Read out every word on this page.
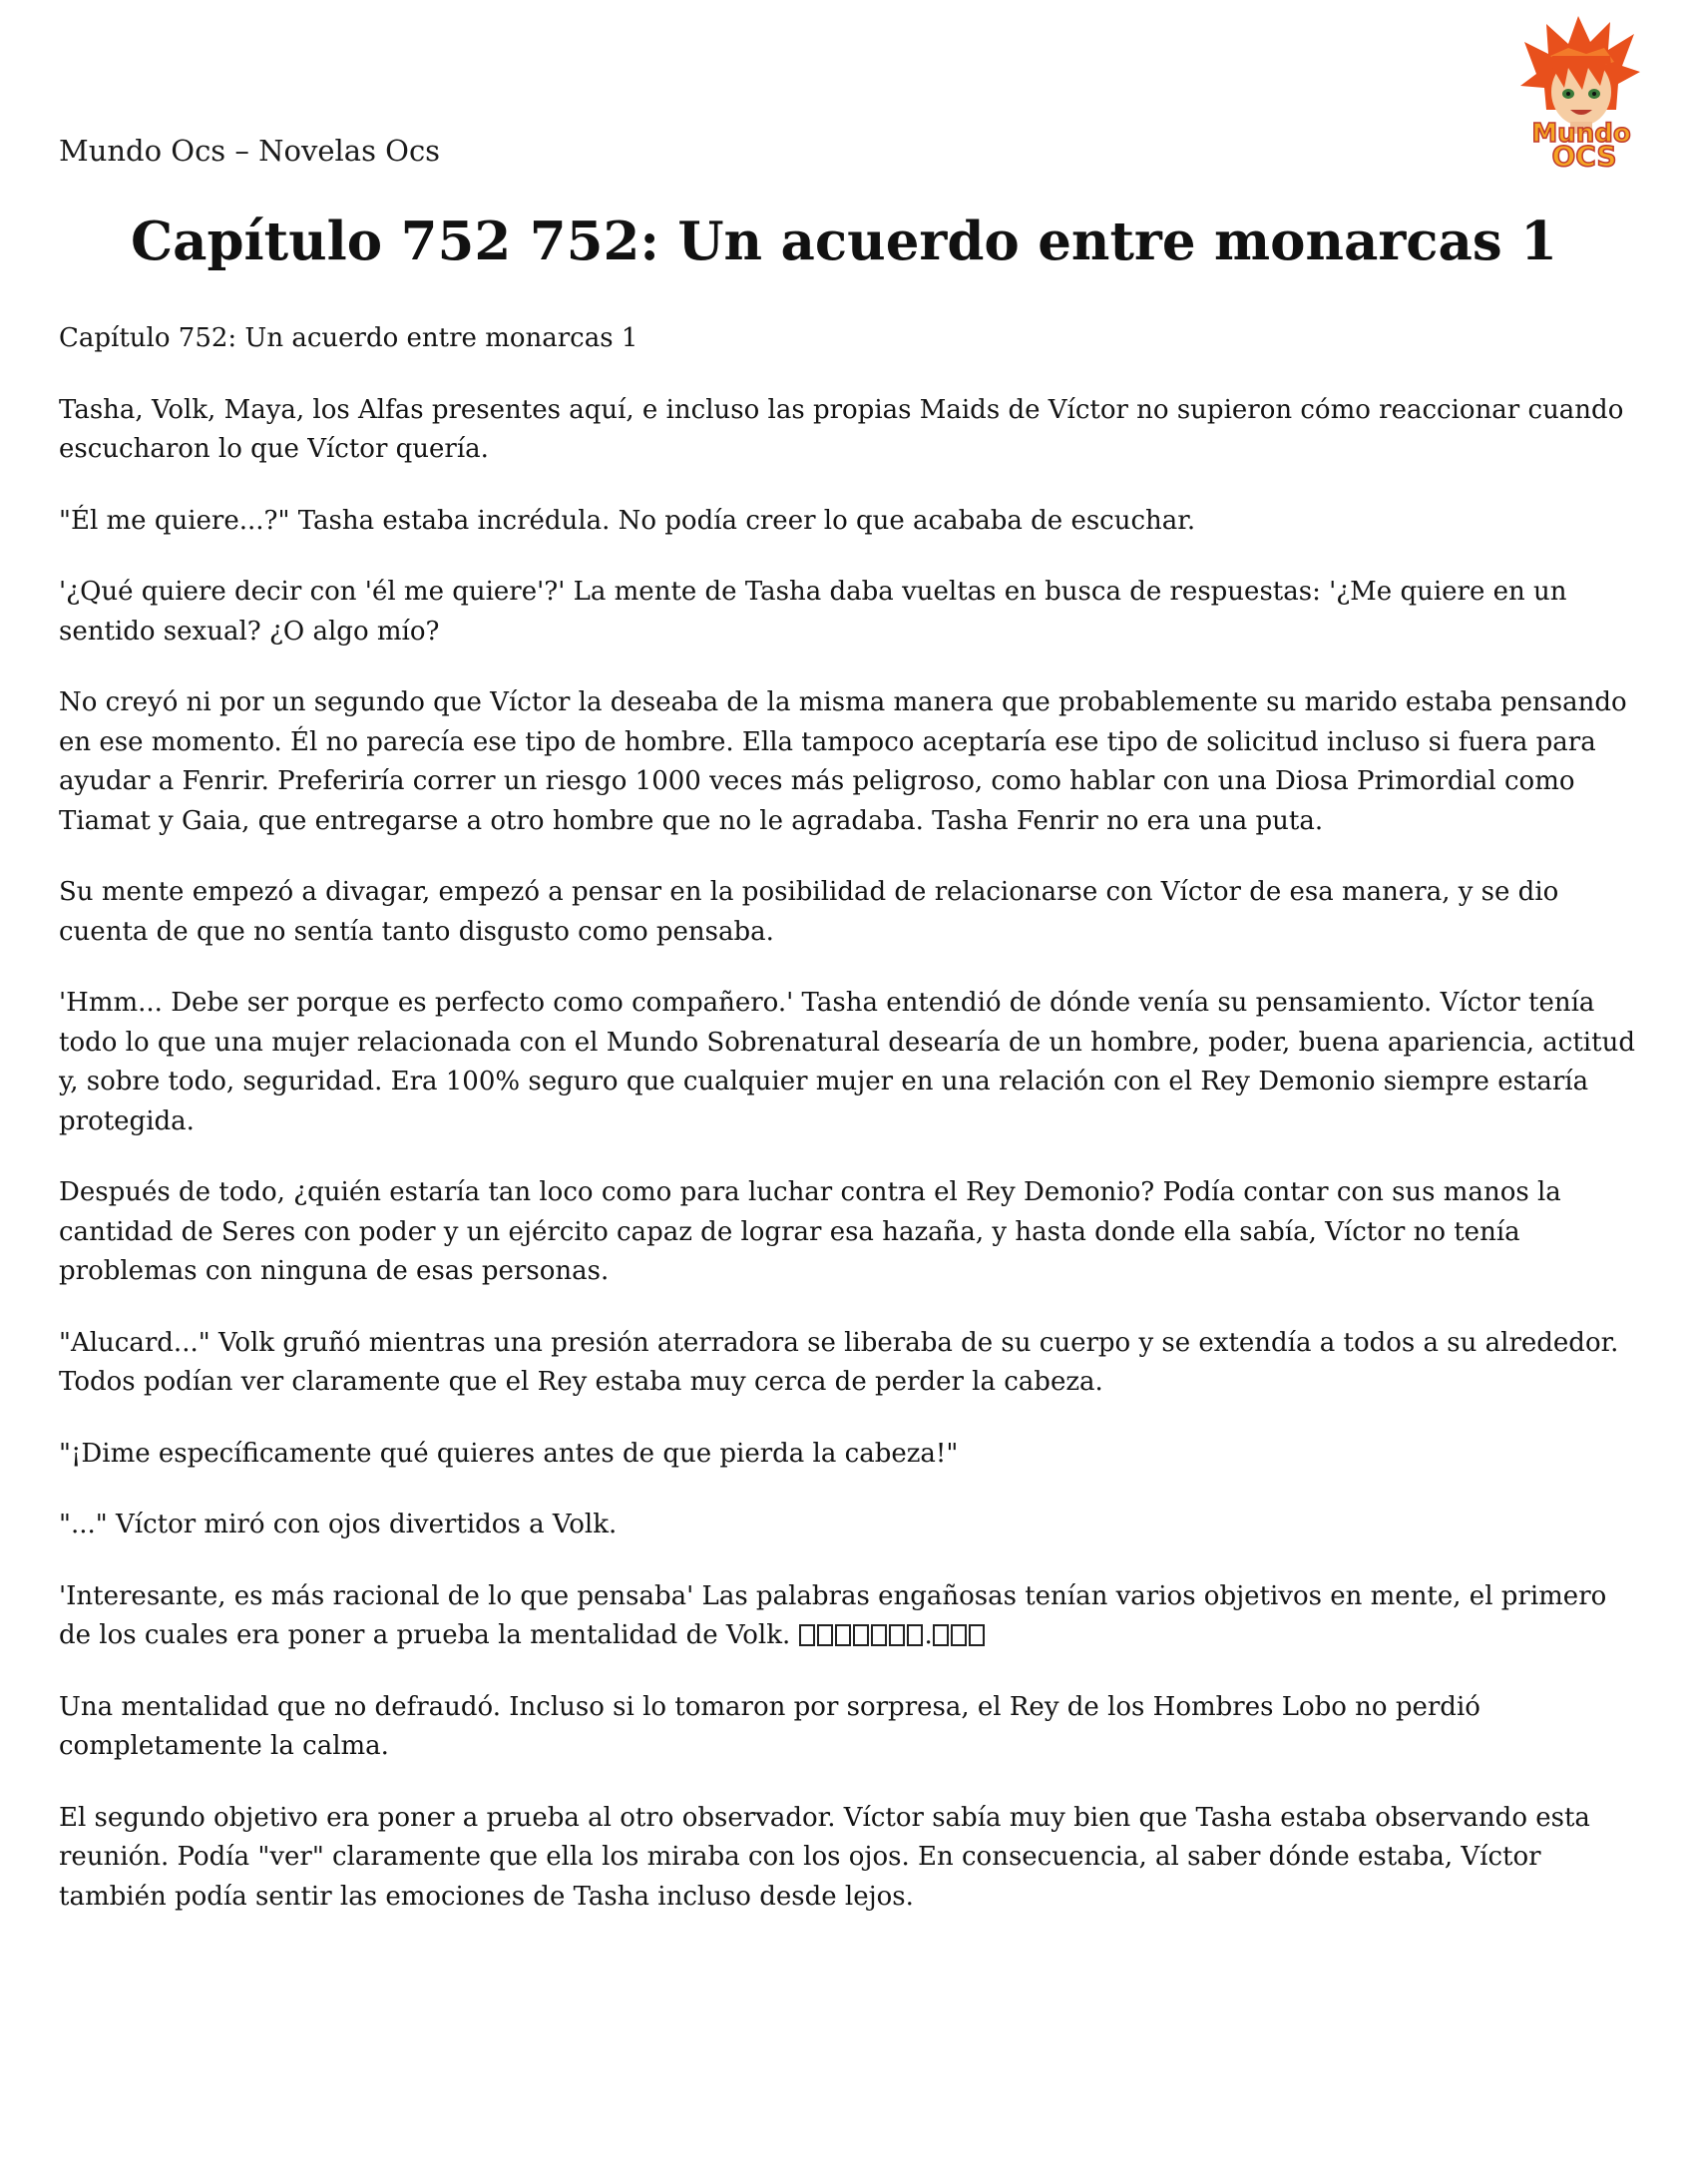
Mundo Ocs – Novelas Ocs	Mundo
OCS
Capítulo 752 752: Un acuerdo entre monarcas 1

Capítulo 752: Un acuerdo entre monarcas 1

Tasha, Volk, Maya, los Alfas presentes aquí, e incluso las propias Maids de Víctor no supieron cómo reaccionar cuando escucharon lo que Víctor quería.

"Él me quiere...?" Tasha estaba incrédula. No podía creer lo que acababa de escuchar.

'¿Qué quiere decir con 'él me quiere'?' La mente de Tasha daba vueltas en busca de respuestas: '¿Me quiere en un sentido sexual? ¿O algo mío?

No creyó ni por un segundo que Víctor la deseaba de la misma manera que probablemente su marido estaba pensando en ese momento. Él no parecía ese tipo de hombre. Ella tampoco aceptaría ese tipo de solicitud incluso si fuera para ayudar a Fenrir. Preferiría correr un riesgo 1000 veces más peligroso, como hablar con una Diosa Primordial como Tiamat y Gaia, que entregarse a otro hombre que no le agradaba. Tasha Fenrir no era una puta.

Su mente empezó a divagar, empezó a pensar en la posibilidad de relacionarse con Víctor de esa manera, y se dio cuenta de que no sentía tanto disgusto como pensaba.

'Hmm... Debe ser porque es perfecto como compañero.' Tasha entendió de dónde venía su pensamiento. Víctor tenía todo lo que una mujer relacionada con el Mundo Sobrenatural desearía de un hombre, poder, buena apariencia, actitud y, sobre todo, seguridad. Era 100% seguro que cualquier mujer en una relación con el Rey Demonio siempre estaría protegida.

Después de todo, ¿quién estaría tan loco como para luchar contra el Rey Demonio? Podía contar con sus manos la cantidad de Seres con poder y un ejército capaz de lograr esa hazaña, y hasta donde ella sabía, Víctor no tenía problemas con ninguna de esas personas.

"Alucard..." Volk gruñó mientras una presión aterradora se liberaba de su cuerpo y se extendía a todos a su alrededor. Todos podían ver claramente que el Rey estaba muy cerca de perder la cabeza.

"¡Dime específicamente qué quieres antes de que pierda la cabeza!"

"..." Víctor miró con ojos divertidos a Volk.

'Interesante, es más racional de lo que pensaba' Las palabras engañosas tenían varios objetivos en mente, el primero de los cuales era poner a prueba la mentalidad de Volk.	.

Una mentalidad que no defraudó. Incluso si lo tomaron por sorpresa, el Rey de los Hombres Lobo no perdió completamente la calma.

El segundo objetivo era poner a prueba al otro observador. Víctor sabía muy bien que Tasha estaba observando esta reunión. Podía "ver" claramente que ella los miraba con los ojos. En consecuencia, al saber dónde estaba, Víctor también podía sentir las emociones de Tasha incluso desde lejos.
